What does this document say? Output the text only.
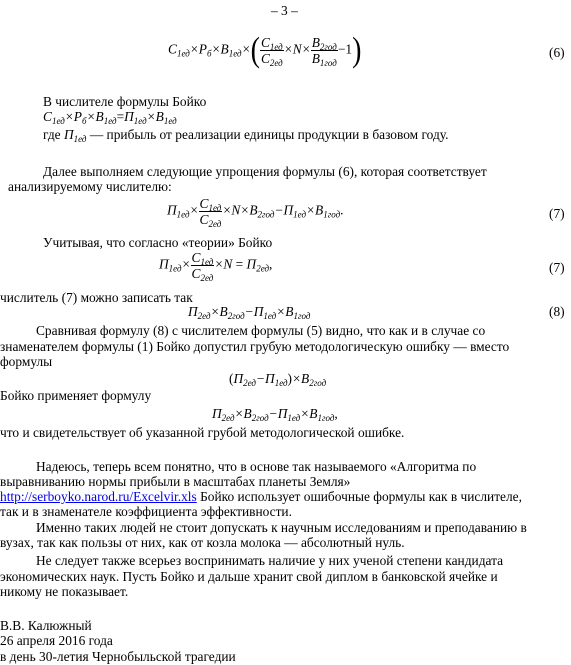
– 3 –
$C_{1ед}\times P_б\times B_{1ед}\times( \frac{C_{1ед}}{C_{2ед}} \times N\times \frac{B_{2год}}{B_{1год}} -1)$	(6)
В числителе формулы Бойко
$C_{1ед}\times P_б\times B_{1ед}=П_{1ед}\times B_{1ед}$
где $П_{1ед}$ — прибыль от реализации единицы продукции в базовом году.
Далее выполняем следующие упрощения формулы (6), которая соответствует
анализируемому числителю:
$П_{1ед}\times \frac{C_{1ед}}{C_{2ед}} \times N\times B_{2год}-П_{1ед}\times B_{1год}$.	(7)
Учитывая, что согласно «теории» Бойко
$П_{1ед}\times \frac{C_{1ед}}{C_{2ед}} \times N = П_{2ед}$,	(7)
числитель (7) можно записать так
$П_{2ед}\times B_{2год}-П_{1ед}\times B_{1год}$	(8)
Сравнивая формулу (8) с числителем формулы (5) видно, что как и в случае со
знаменателем формулы (1) Бойко допустил грубую методологическую ошибку — вместо
формулы
$(П_{2ед}-П_{1ед})\times B_{2год}$
Бойко применяет формулу
$П_{2ед}\times B_{2год}-П_{1ед}\times B_{1год}$,
что и свидетельствует об указанной грубой методологической ошибке.
Надеюсь, теперь всем понятно, что в основе так называемого «Алгоритма по
выравниванию нормы прибыли в масштабах планеты Земля»
http://serboyko.narod.ru/Excelvir.xls Бойко использует ошибочные формулы как в числителе,
так и в знаменателе коэффициента эффективности.
Именно таких людей не стоит допускать к научным исследованиям и преподаванию в
вузах, так как пользы от них, как от козла молока — абсолютный нуль.
Не следует также всерьез воспринимать наличие у них ученой степени кандидата
экономических наук. Пусть Бойко и дальше хранит свой диплом в банковской ячейке и
никому не показывает.
В.В. Калюжный
26 апреля 2016 года
в день 30-летия Чернобыльской трагедии
